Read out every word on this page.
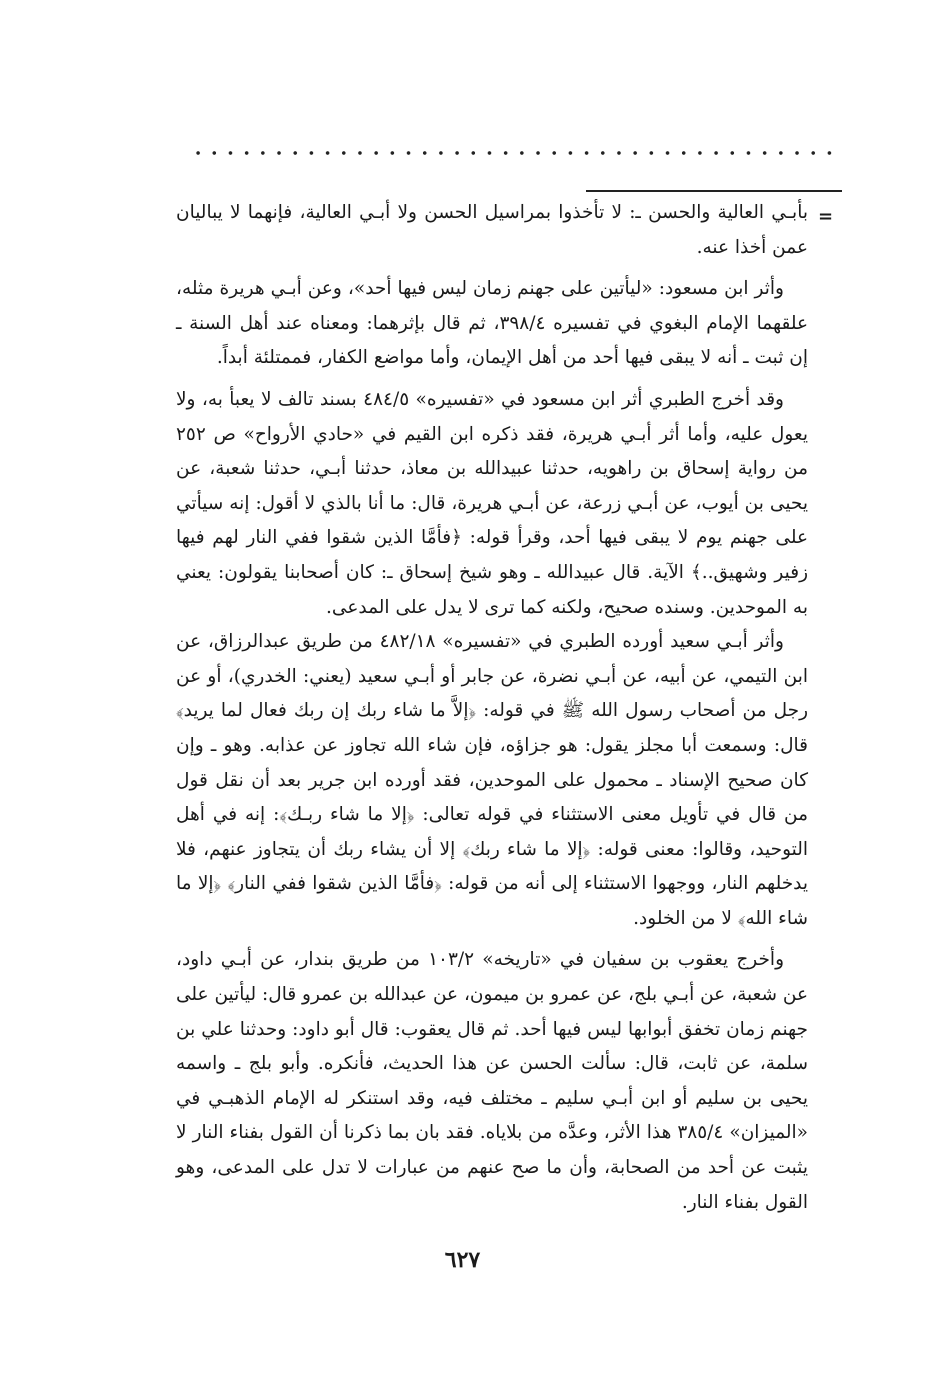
=

بأبـي العالية والحسن ـ: لا تأخذوا بمراسيل الحسن ولا أبـي العالية، فإنهما لا يباليان عمن أخذا عنه.

وأثر ابن مسعود: «ليأتين على جهنم زمان ليس فيها أحد»، وعن أبـي هريرة مثله، علقهما الإمام البغوي في تفسيره ٣٩٨/٤، ثم قال بإثرهما: ومعناه عند أهل السنة ـ إن ثبت ـ أنه لا يبقى فيها أحد من أهل الإيمان، وأما مواضع الكفار، فممتلئة أبداً.

وقد أخرج الطبري أثر ابن مسعود في «تفسيره» ٤٨٤/٥ بسند تالف لا يعبأ به، ولا يعول عليه، وأما أثر أبـي هريرة، فقد ذكره ابن القيم في «حادي الأرواح» ص ٢٥٢ من رواية إسحاق بن راهويه، حدثنا عبيدالله بن معاذ، حدثنا أبـي، حدثنا شعبة، عن يحيى بن أيوب، عن أبـي زرعة، عن أبـي هريرة، قال: ما أنا بالذي لا أقول: إنه سيأتي على جهنم يوم لا يبقى فيها أحد، وقرأ قوله: ﴿فأمَّا الذين شقوا ففي النار لهم فيها زفير وشهيق..﴾ الآية. قال عبيدالله ـ وهو شيخ إسحاق ـ: كان أصحابنا يقولون: يعني به الموحدين. وسنده صحيح، ولكنه كما ترى لا يدل على المدعى.

وأثر أبـي سعيد أورده الطبري في «تفسيره» ٤٨٢/١٨ من طريق عبدالرزاق، عن ابن التيمي، عن أبيه، عن أبـي نضرة، عن جابر أو أبـي سعيد (يعني: الخدري)، أو عن رجل من أصحاب رسول الله ﷺ في قوله: ﴿إلاَّ ما شاء ربك إن ربك فعال لما يريد﴾ قال: وسمعت أبا مجلز يقول: هو جزاؤه، فإن شاء الله تجاوز عن عذابه. وهو ـ وإن كان صحيح الإسناد ـ محمول على الموحدين، فقد أورده ابن جرير بعد أن نقل قول من قال في تأويل معنى الاستثناء في قوله تعالى: ﴿إلا ما شاء ربـك﴾: إنه في أهل التوحيد، وقالوا: معنى قوله: ﴿إلا ما شاء ربك﴾ إلا أن يشاء ربك أن يتجاوز عنهم، فلا يدخلهم النار، ووجهوا الاستثناء إلى أنه من قوله: ﴿فأمَّا الذين شقوا ففي النار﴾ ﴿إلا ما شاء الله﴾ لا من الخلود.

وأخرج يعقوب بن سفيان في «تاريخه» ١٠٣/٢ من طريق بندار، عن أبـي داود، عن شعبة، عن أبـي بلج، عن عمرو بن ميمون، عن عبدالله بن عمرو قال: ليأتين على جهنم زمان تخفق أبوابها ليس فيها أحد. ثم قال يعقوب: قال أبو داود: وحدثنا علي بن سلمة، عن ثابت، قال: سألت الحسن عن هذا الحديث، فأنكره. وأبو بلج ـ واسمه يحيى بن سليم أو ابن أبـي سليم ـ مختلف فيه، وقد استنكر له الإمام الذهبـي في «الميزان» ٣٨٥/٤ هذا الأثر، وعدَّه من بلاياه. فقد بان بما ذكرنا أن القول بفناء النار لا يثبت عن أحد من الصحابة، وأن ما صح عنهم من عبارات لا تدل على المدعى، وهو القول بفناء النار.

٦٢٧
